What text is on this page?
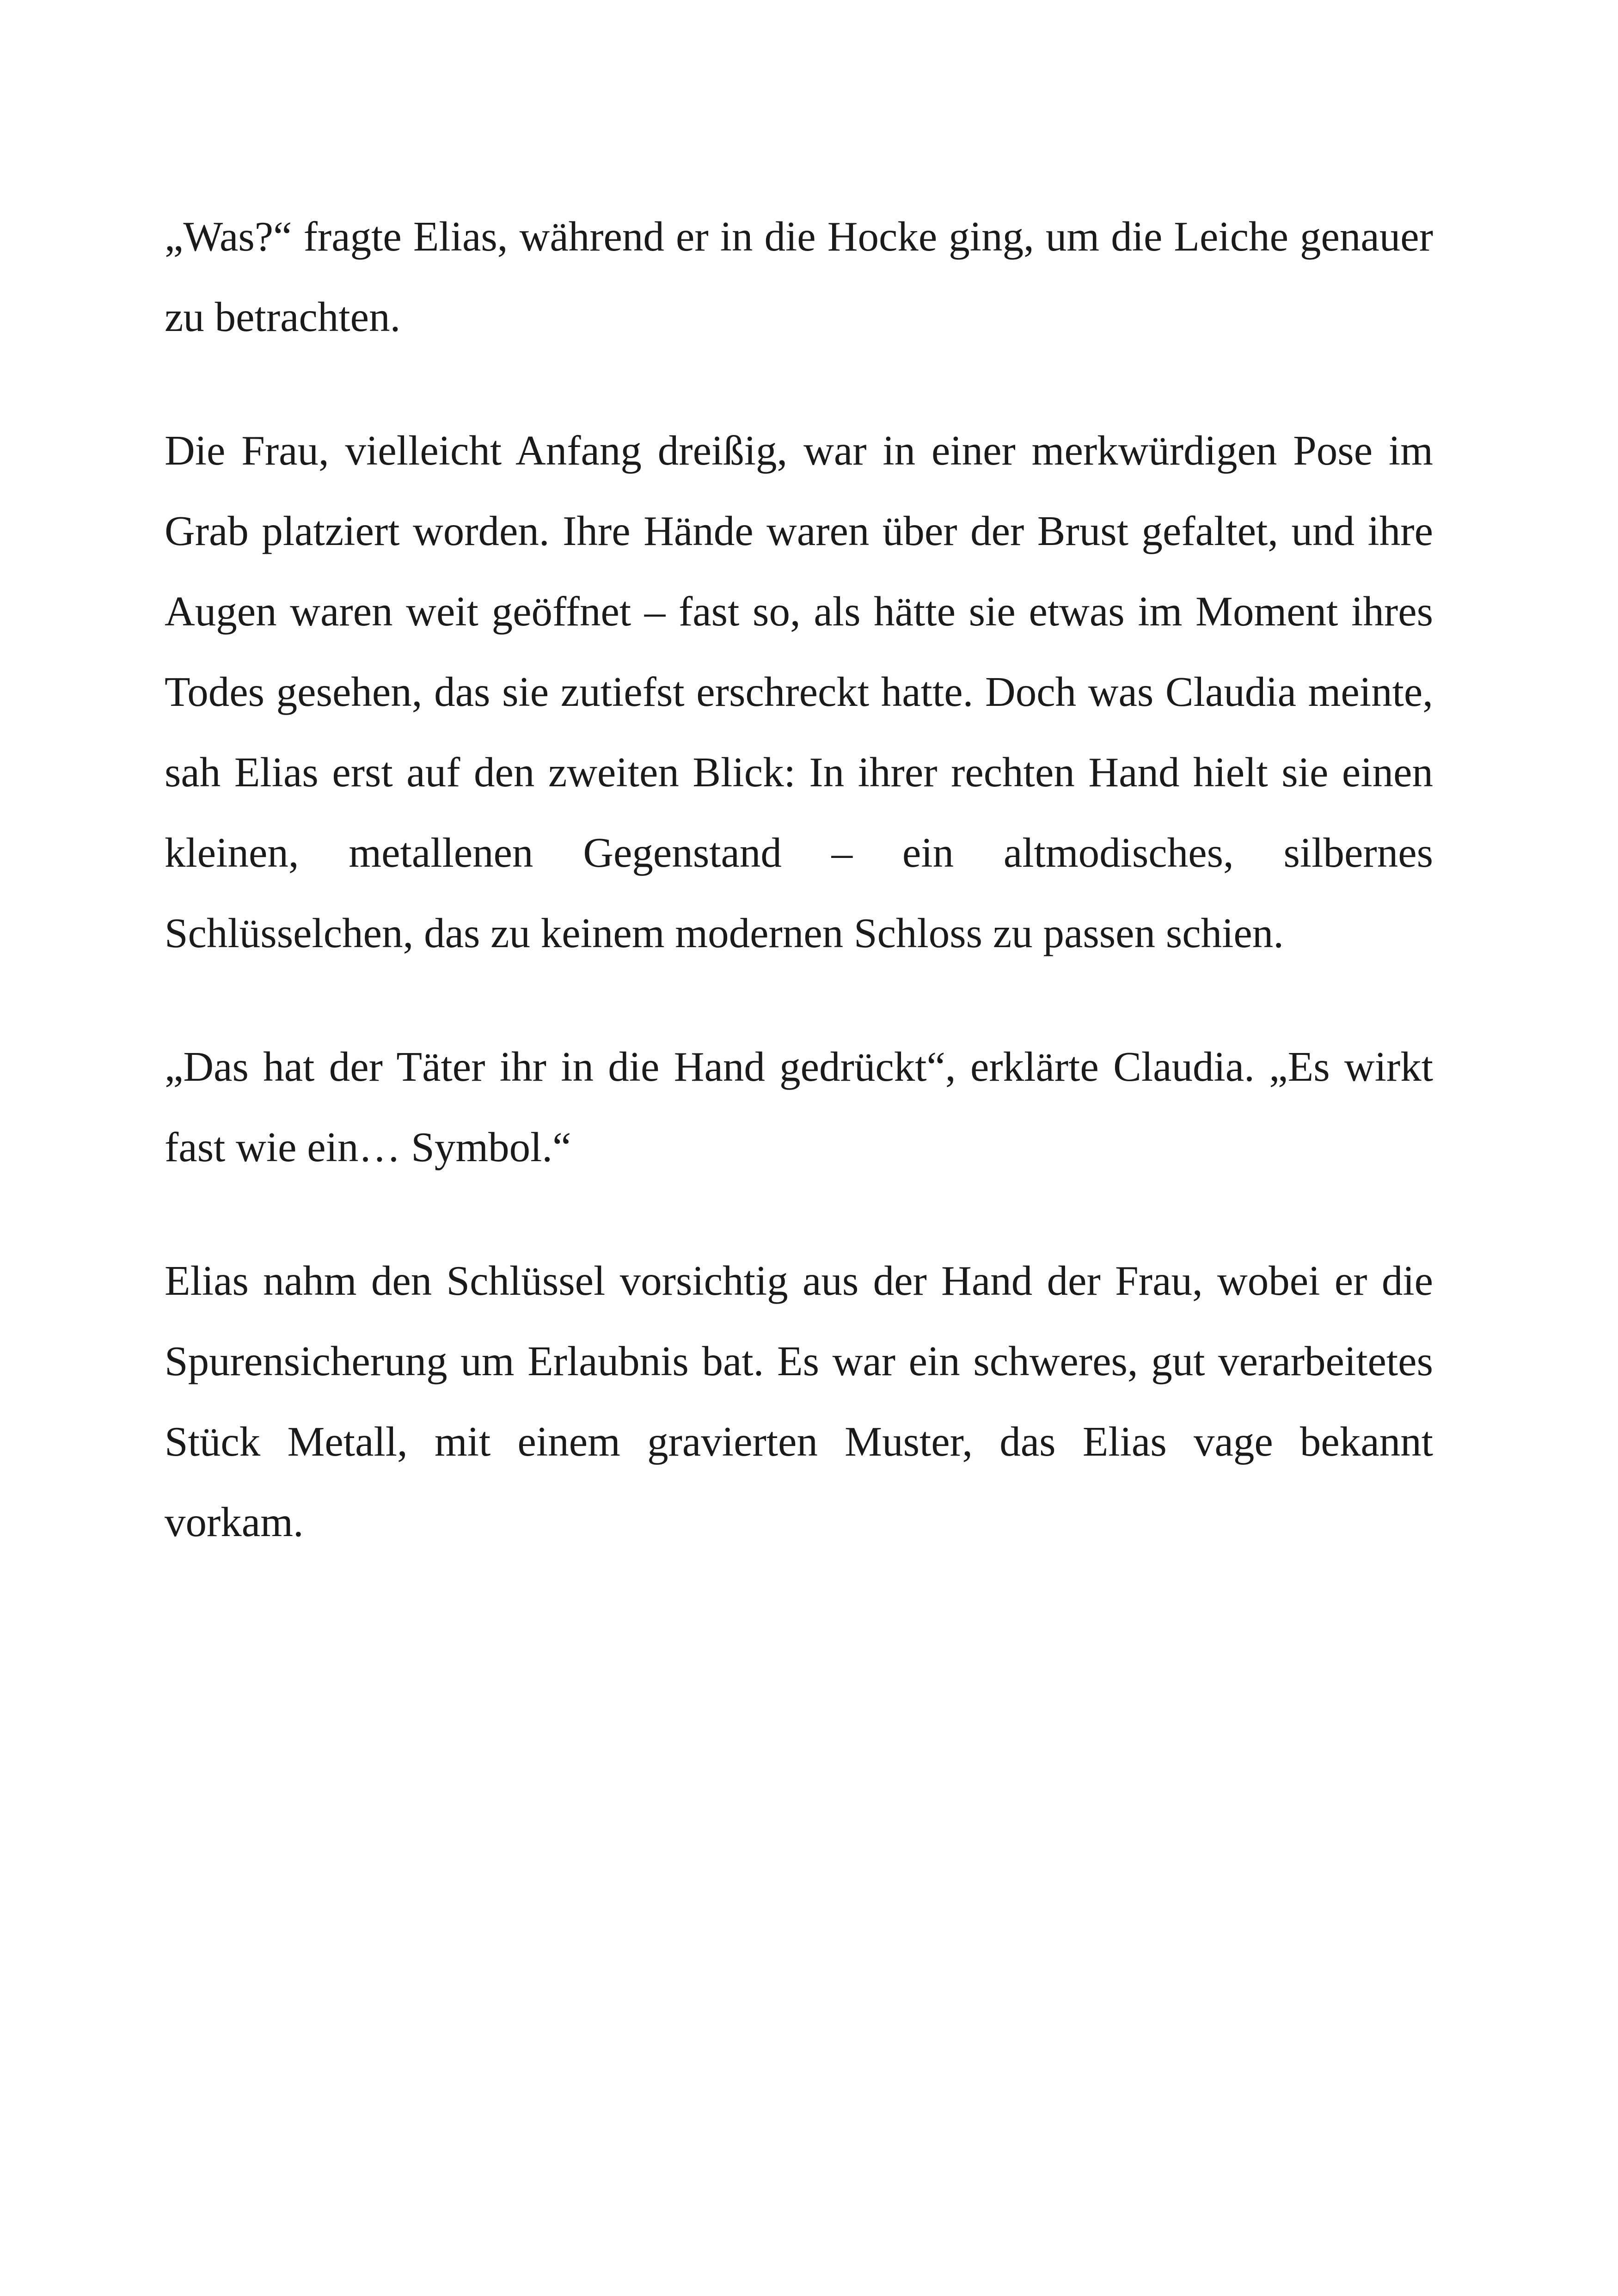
„Was?“ fragte Elias, während er in die Hocke ging, um die Leiche genauer zu betrachten.

Die Frau, vielleicht Anfang dreißig, war in einer merkwürdigen Pose im Grab platziert worden. Ihre Hände waren über der Brust gefaltet, und ihre Augen waren weit geöffnet – fast so, als hätte sie etwas im Moment ihres Todes gesehen, das sie zutiefst erschreckt hatte. Doch was Claudia meinte, sah Elias erst auf den zweiten Blick: In ihrer rechten Hand hielt sie einen kleinen, metallenen Gegenstand – ein altmodisches, silbernes Schlüsselchen, das zu keinem modernen Schloss zu passen schien.

„Das hat der Täter ihr in die Hand gedrückt“, erklärte Claudia. „Es wirkt fast wie ein… Symbol.“

Elias nahm den Schlüssel vorsichtig aus der Hand der Frau, wobei er die Spurensicherung um Erlaubnis bat. Es war ein schweres, gut verarbeitetes Stück Metall, mit einem gravierten Muster, das Elias vage bekannt vorkam.
